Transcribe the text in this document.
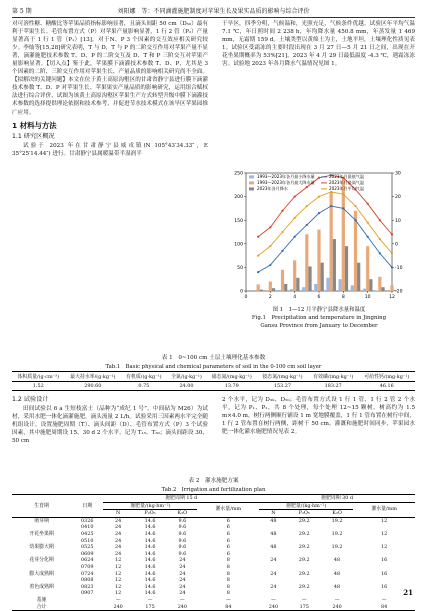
第 5 期	刘阳娜　等：不同滴灌施肥制度对苹果生长及果实品质的影响与综合评价

对可溶性糖、糖酸比等苹果品质指标影响显著，且滴头间距 50 cm（D₅₀）最有利于苹果生长。毛管布置方式（P）对苹果产量影响显著，1 行 2 管（P₂）产量显著高于 1 行 1 管（P₁）[13]。对于N、P 3 个因素的交互效应相关研究较少。李灿等[15,28]研究表明，T 与 D，T 与 P 的二阶交互作用对苹果产量不显著，滴灌施肥技术参数 T、D、P 的二阶交互及 D、T 和 P 三阶交互对苹果产量影响显著。【切入点】鉴于此，苹果膜下滴灌技术参数 T、D、P，尤其是 3 个因素的二阶、三阶交互作用对苹果生长、产量品质的影响相关研究尚不全面。【拟解决的关键问题】本文在位于黄土高原沟壑区的甘肃省静宁县进行膜下滴灌技术参数 T、D、P 对苹果生长、苹果果实产量品质的影响研究，运用组合赋权法进行综合评价，试图为该黄土高原沟壑区苹果生产方式转型升级中膜下滴灌技术参数的选择提供理论依据和技术参考，并促进节水技术模式在该旱区苹果园推广应用。

1 材料与方法
1.1 研究区概况

试验于 2023 年在甘肃静宁县威戎镇(N 105°43′34.33″，E 35°25′14.44″) 进行。甘肃静宁县属暖温带半湿润半

干旱区，四季分明，气候温和，光照充足，气候条件优越。试验区年平均气温 7.1 ℃，年日照时间 2 238 h，年均降水量 450.8 mm，年蒸发量 1 469 mm，无霜期 159 d。土壤类型以黄绵土为主，土地平坦，土壤理化性质见表 1。试验区受霜冻的主要时段出现在 3 月 27 日—5 月 21 日之间，出现在开花坐果期概率为 53%[21]，2023 年 4 月 29 日最低温度 -4.3 ℃，遇霜冻冻害。试验地 2023 年各月降水气温情况见图 1。

0
50
100
150
200
250
-20
-10
0
10
20
30
0	2	4	6	8	10	12
1993—2023年各月最小降水量
1993—2023年各月最大降水量
2023年各月降水
2023年月最低气温
2023年月最高气温
2023年月平均气温
图 1　1—12 月平静宁县降水量和温度
Fig.1　Precipitation and temperature in Jingning
Gansu Province from January to December
表 1　0~100 cm 土层土壤理化基本参数
Tab.1　Basic physical and chemical parameters of soil in the 0-100 cm soil layer
体积质量/(g·cm⁻³)	最大持水率/(g·kg⁻¹)	有机质/(g·kg⁻¹)	全氮/(g·kg⁻¹)	硝态氮/(mg·kg⁻¹)	铵态氮/(mg·kg⁻¹)	有效磷/(mg·kg⁻¹)	可给性钙/(mg·kg⁻¹)
1.52	290.60	0.75	24.00	13.79	153.27	183.27	46.16
1.2 试验设计

田间试验以 6 a 生短枝富士（品种为“成纪 1 号”，中间砧为 M26）为试材，采用水肥一体化滴灌施肥，滴头流量 2 L/h。试验采用三因素两水平完全随机组设计，设置施肥周期（T）、滴头间距（D）、毛管布置方式（P）3 个试验因素，其中施肥周期设 15、30 d 2 个水平，记为 T₁₅、T₃₀；滴头间距设 30、50 cm

2 个水平，记为 D₃₀、D₅₀；毛管布置方式设 1 行 1 管、1 行 2 管 2 个水平，记为 P₁、P₂，共 8 个处理，每个处理 12~15 颗树。树高约为 1.5 m×4.0 m，树行两侧顺行铺设 1 m 宽地膜覆盖，1 行 1 管布置在树行中间，1 行 2 管布置在树行两侧，距树干 50 cm。灌溉和施肥时间同步，苹果园水肥一体化灌水施肥情况见表 2。

表 2　灌水施肥方案
Tab.2　Irrigation and fertilization plan
生育期	日期	施肥周期 15 d				施肥周期 30 d			
		施肥量/(kg·hm⁻²)			灌水量/mm	施肥量/(kg·hm⁻²)			灌水量/mm
		N	P₂O₅	K₂O		N	P₂O₅	K₂O	
萌芽期	0326	24	14.6	9.6	6	48	29.2	19.2	12
	0410	24	14.6	9.6	6				
开花坐果期	0425	24	14.6	9.6	6	48	29.2	19.2	12
	0510	24	14.6	9.6	6				
幼果膨大期	0525	24	14.6	9.6	6	48	29.2	19.2	12
	0609	24	14.6	9.6	6				
花芽分化期	0624	12	14.6	24	8	24	29.2	48	16
	0709	12	14.6	24	8				
膨大成熟期	0724	12	14.6	24	8	24	29.2	48	16
	0808	12	14.6	24	8				
着色成熟期	0823	12	14.6	24	8	24	29.2	48	16
	0907	12	14.6	24	8				
基施		—	—	—	—	—	—	—	—
合计		240	175	240	84	240	175	240	84
21
